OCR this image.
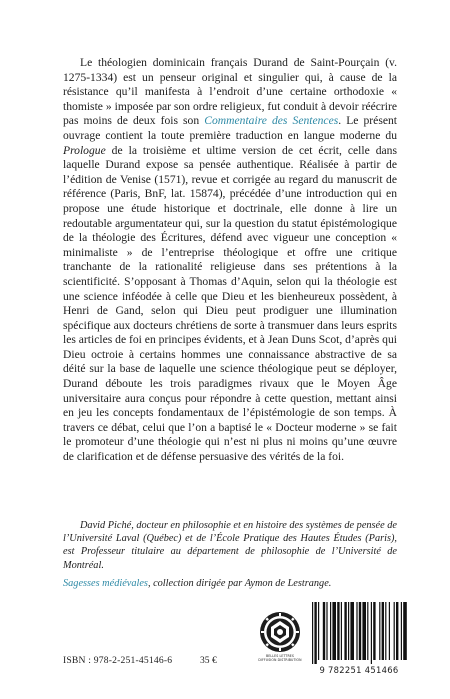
Le théologien dominicain français Durand de Saint-Pourçain (v. 1275-1334) est un penseur original et singulier qui, à cause de la résistance qu’il manifesta à l’endroit d’une certaine orthodoxie « thomiste » imposée par son ordre religieux, fut conduit à devoir réécrire pas moins de deux fois son Commentaire des Sentences. Le présent ouvrage contient la toute première traduction en langue moderne du Prologue de la troisième et ultime version de cet écrit, celle dans laquelle Durand expose sa pensée authentique. Réalisée à partir de l’édition de Venise (1571), revue et corrigée au regard du manuscrit de référence (Paris, BnF, lat. 15874), précédée d’une introduction qui en propose une étude historique et doctrinale, elle donne à lire un redoutable argumentateur qui, sur la question du statut épistémologique de la théologie des Écritures, défend avec vigueur une conception « minimaliste » de l’entreprise théologique et offre une critique tranchante de la rationalité religieuse dans ses prétentions à la scientificité. S’opposant à Thomas d’Aquin, selon qui la théologie est une science inféodée à celle que Dieu et les bienheureux possèdent, à Henri de Gand, selon qui Dieu peut prodiguer une illumination spécifique aux docteurs chrétiens de sorte à transmuer dans leurs esprits les articles de foi en principes évidents, et à Jean Duns Scot, d’après qui Dieu octroie à certains hommes une connaissance abstractive de sa déité sur la base de laquelle une science théologique peut se déployer, Durand déboute les trois paradigmes rivaux que le Moyen Âge universitaire aura conçus pour répondre à cette question, mettant ainsi en jeu les concepts fondamentaux de l’épistémologie de son temps. À travers ce débat, celui que l’on a baptisé le « Docteur moderne » se fait le promoteur d’une théologie qui n’est ni plus ni moins qu’une œuvre de clarification et de défense persuasive des vérités de la foi.

David Piché, docteur en philosophie et en histoire des systèmes de pensée de l’Université Laval (Québec) et de l’École Pratique des Hautes Études (Paris), est Professeur titulaire au département de philosophie de l’Université de Montréal.
Sagesses médiévales, collection dirigée par Aymon de Lestrange.
ISBN : 978-2-251-45146-6	35 €	BELLES LETTRES DIFFUSION DISTRIBUTION
9 782251 451466
